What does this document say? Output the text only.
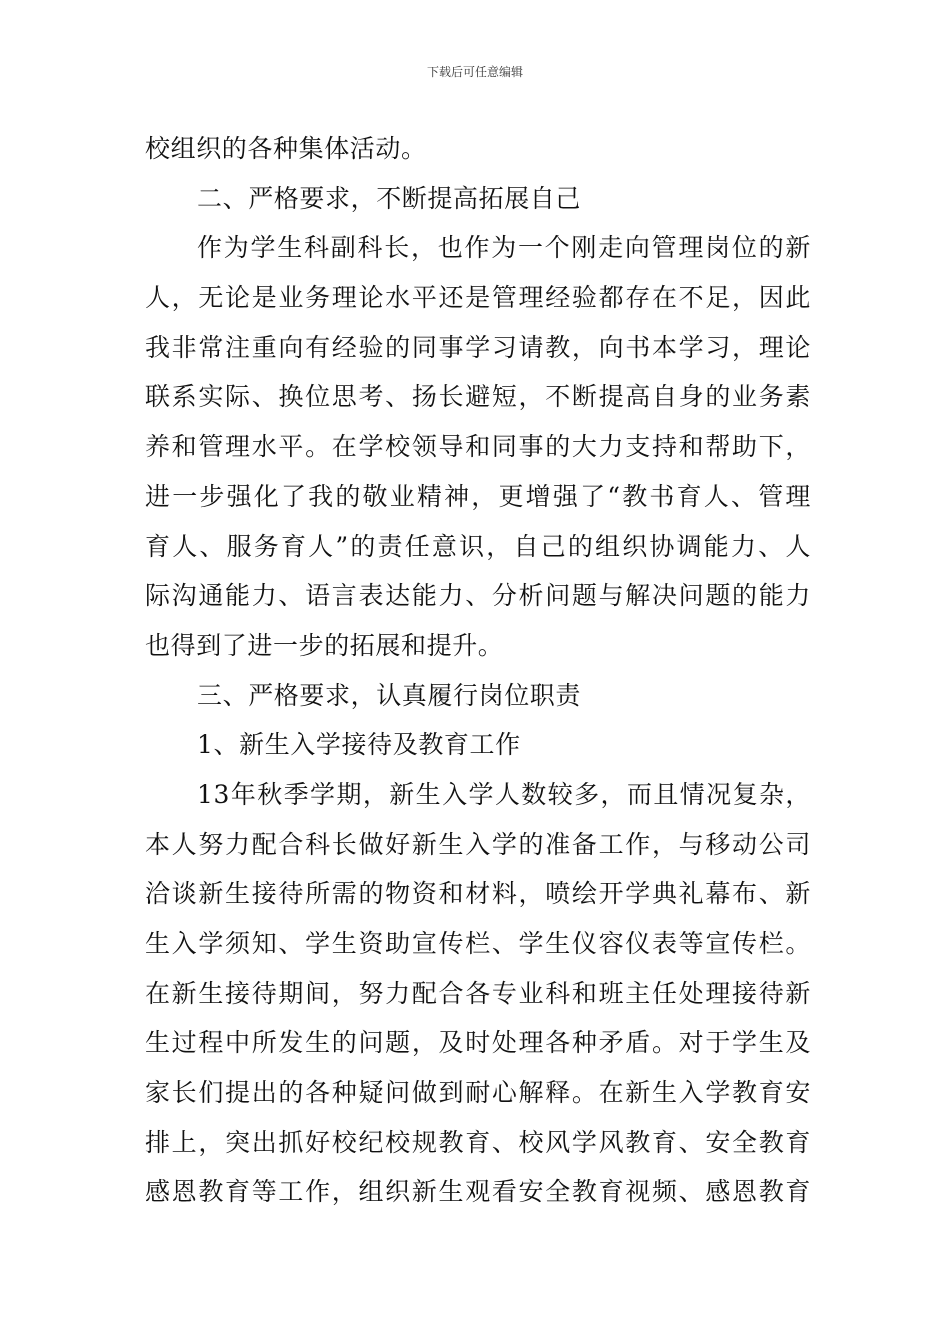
下载后可任意编辑
校组织的各种集体活动。
二、严格要求，不断提高拓展自己
作为学生科副科长，也作为一个刚走向管理岗位的新
人，无论是业务理论水平还是管理经验都存在不足，因此
我非常注重向有经验的同事学习请教，向书本学习，理论
联系实际、换位思考、扬长避短，不断提高自身的业务素
养和管理水平。在学校领导和同事的大力支持和帮助下，
进一步强化了我的敬业精神，更增强了“教书育人、管理
育人、服务育人”的责任意识，自己的组织协调能力、人
际沟通能力、语言表达能力、分析问题与解决问题的能力
也得到了进一步的拓展和提升。
三、严格要求，认真履行岗位职责
1、新生入学接待及教育工作
13年秋季学期，新生入学人数较多，而且情况复杂，
本人努力配合科长做好新生入学的准备工作，与移动公司
洽谈新生接待所需的物资和材料，喷绘开学典礼幕布、新
生入学须知、学生资助宣传栏、学生仪容仪表等宣传栏。
在新生接待期间，努力配合各专业科和班主任处理接待新
生过程中所发生的问题，及时处理各种矛盾。对于学生及
家长们提出的各种疑问做到耐心解释。在新生入学教育安
排上，突出抓好校纪校规教育、校风学风教育、安全教育
感恩教育等工作，组织新生观看安全教育视频、感恩教育
